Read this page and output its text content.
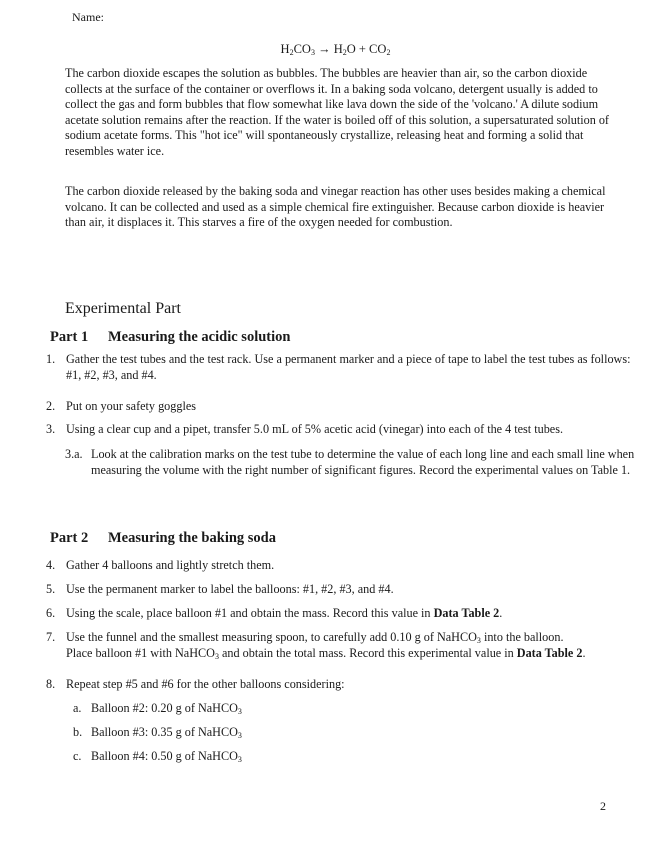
Name:
$H_2CO_3 \to H_2O + CO_2$
The carbon dioxide escapes the solution as bubbles. The bubbles are heavier than air, so the carbon dioxide collects at the surface of the container or overflows it. In a baking soda volcano, detergent usually is added to collect the gas and form bubbles that flow somewhat like lava down the side of the 'volcano.' A dilute sodium acetate solution remains after the reaction. If the water is boiled off of this solution, a supersaturated solution of sodium acetate forms. This "hot ice" will spontaneously crystallize, releasing heat and forming a solid that resembles water ice.
The carbon dioxide released by the baking soda and vinegar reaction has other uses besides making a chemical volcano. It can be collected and used as a simple chemical fire extinguisher. Because carbon dioxide is heavier than air, it displaces it. This starves a fire of the oxygen needed for combustion.
Experimental Part
Part 1 Measuring the acidic solution
1. Gather the test tubes and the test rack. Use a permanent marker and a piece of tape to label the test tubes as follows: #1, #2, #3, and #4.
2. Put on your safety goggles
3. Using a clear cup and a pipet, transfer 5.0 mL of 5% acetic acid (vinegar) into each of the 4 test tubes.
3.a. Look at the calibration marks on the test tube to determine the value of each long line and each small line when measuring the volume with the right number of significant figures. Record the experimental values on Table 1.
Part 2 Measuring the baking soda
4. Gather 4 balloons and lightly stretch them.
5. Use the permanent marker to label the balloons: #1, #2, #3, and #4.
6. Using the scale, place balloon #1 and obtain the mass. Record this value in Data Table 2.
7. Use the funnel and the smallest measuring spoon, to carefully add 0.10 g of NaHCO$_3$ into the balloon.
Place balloon #1 with NaHCO$_3$ and obtain the total mass. Record this experimental value in Data Table 2.
8. Repeat step #5 and #6 for the other balloons considering:
a. Balloon #2: 0.20 g of NaHCO$_3$
b. Balloon #3: 0.35 g of NaHCO$_3$
c. Balloon #4: 0.50 g of NaHCO$_3$
2
